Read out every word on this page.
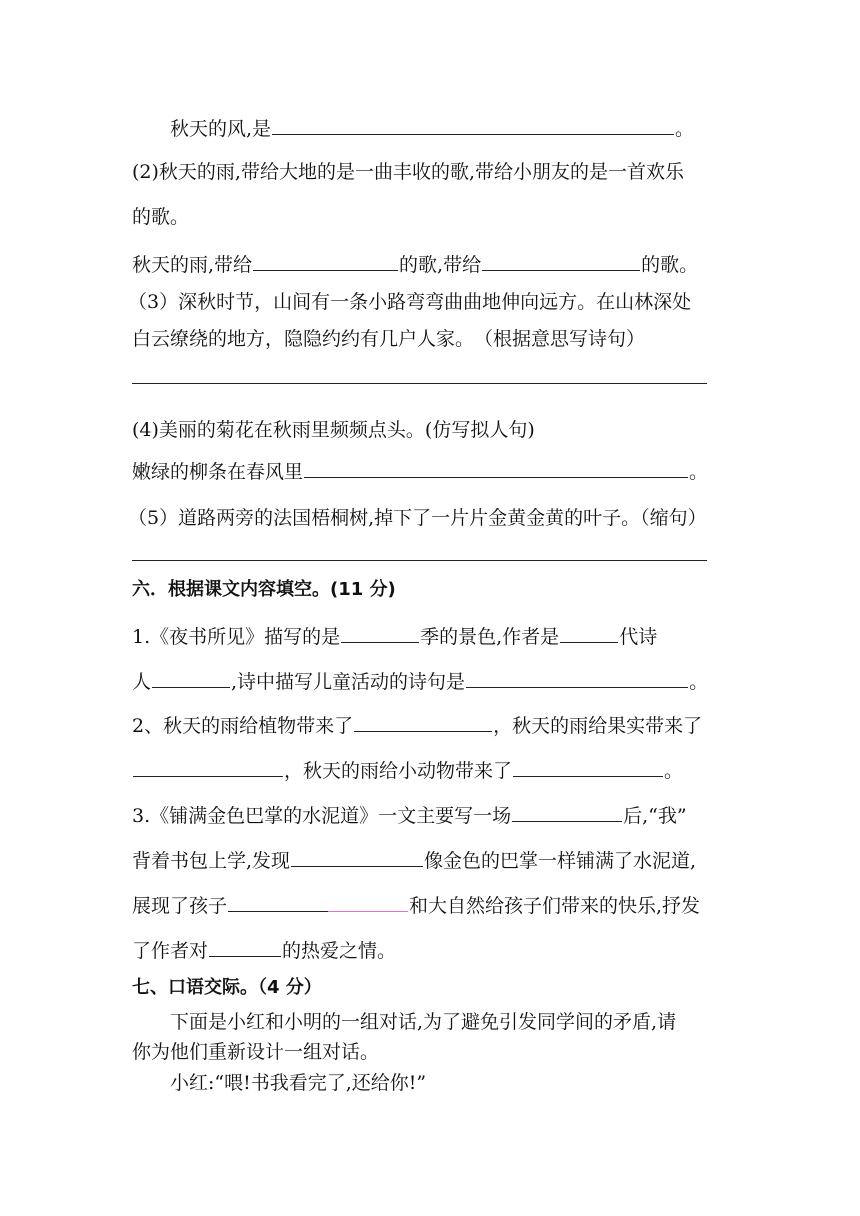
秋天的风,是	。
(2)秋天的雨,带给大地的是一曲丰收的歌,带给小朋友的是一首欢乐
的歌。
秋天的雨,带给	的歌,带给	的歌。
（3）深秋时节，山间有一条小路弯弯曲曲地伸向远方。在山林深处
白云缭绕的地方，隐隐约约有几户人家。　（根据意思写诗句）
(4)美丽的菊花在秋雨里频频点头。(仿写拟人句)
嫩绿的柳条在春风里	。
（5）道路两旁的法国梧桐树,掉下了一片片金黄金黄的叶子。（缩句）
六．根据课文内容填空。(11 分)
1.《夜书所见》描写的是	季的景色,作者是	代诗
人	,诗中描写儿童活动的诗句是	。
2、秋天的雨给植物带来了	，秋天的雨给果实带来了
，秋天的雨给小动物带来了	。
3.《铺满金色巴掌的水泥道》一文主要写一场	后,“我”
背着书包上学,发现	像金色的巴掌一样铺满了水泥道,
展现了孩子	和大自然给孩子们带来的快乐,抒发
了作者对	的热爱之情。
七、口语交际。（4 分）
下面是小红和小明的一组对话,为了避免引发同学间的矛盾,请
你为他们重新设计一组对话。
小红:“喂!书我看完了,还给你!”
